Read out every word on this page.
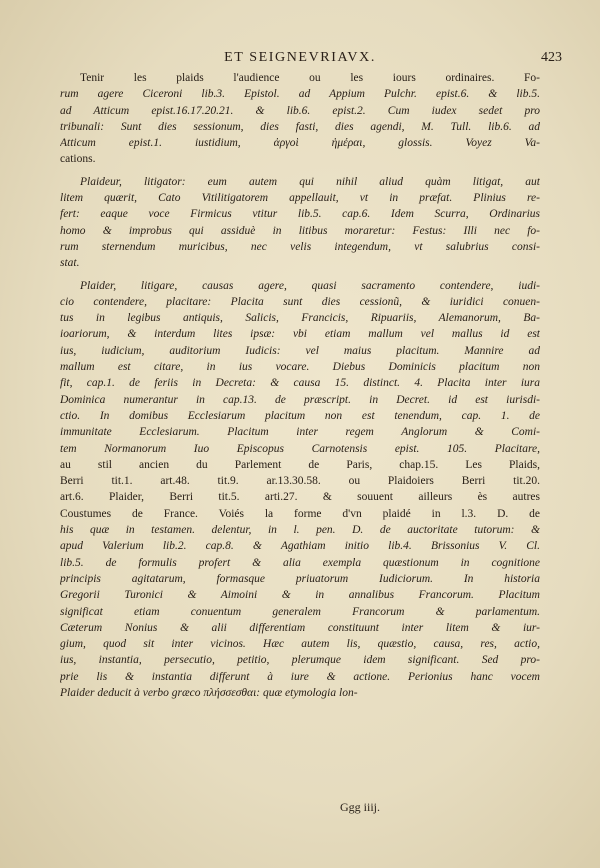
ET SEIGNEVRIAVX.	423
Tenir les plaids l'audience ou les iours ordinaires. Fo-
rum agere Ciceroni lib.3. Epistol. ad Appium Pulchr. epist.6. & lib.5.
ad Atticum epist.16.17.20.21. & lib.6. epist.2. Cum iudex sedet pro
tribunali: Sunt dies sessionum, dies fasti, dies agendi, M. Tull. lib.6. ad
Atticum epist.1. iustidium, ἀργοὶ ἡμέραι, glossis. Voyez Va-
cations.
Plaideur, litigator: eum autem qui nihil aliud quàm litigat, aut
litem quærit, Cato Vitilitigatorem appellauit, vt in præfat. Plinius re-
fert: eaque voce Firmicus vtitur lib.5. cap.6. Idem Scurra, Ordinarius
homo & improbus qui assiduè in litibus morаretur: Festus: Illi nec fo-
rum sternendum muricibus, nec velis integendum, vt salubrius consi-
stat.
Plaider, litigare, causas agere, quasi sacramento contendere, iudi-
cio contendere, placitare: Placita sunt dies cessionũ, & iuridici conuen-
tus in legibus antiquis, Salicis, Francicis, Ripuariis, Alemanorum, Ba-
ioariorum, & interdum lites ipsæ: vbi etiam mallum vel mallus id est
ius, iudicium, auditorium Iudicis: vel maius placitum. Mannire ad
mallum est citare, in ius vocare. Diebus Dominicis placitum non
fit, cap.1. de feriis in Decreta: & causa 15. distinct. 4. Placita inter iura
Dominica numerantur in cap.13. de præscript. in Decret. id est iurisdi-
ctio. In domibus Ecclesiarum placitum non est tenendum, cap. 1. de
immunitate Ecclesiarum. Placitum inter regem Anglorum & Comi-
tem Normanorum Iuo Episcopus Carnotensis epist. 105. Placitare,
au stil ancien du Parlement de Paris, chap.15. Les Plaids,
Berri tit.1. art.48. tit.9. ar.13.30.58. ou Plaidoiers Berri tit.20.
art.6. Plaider, Berri tit.5. arti.27. & souuent ailleurs ès autres
Coustumes de France. Voiés la forme d'vn plaidé in l.3. D. de
his quæ in testamen. delentur, in l. pen. D. de auctoritate tutorum: &
apud Valerium lib.2. cap.8. & Agathiam initio lib.4. Brissonius V. Cl.
lib.5. de formulis profert & alia exempla quæstionum in cognitione
principis agitatarum, formasque priuatorum Iudiciorum. In historia
Gregorii Turonici & Aimoini & in annalibus Francorum. Placitum
significat etiam conuentum generalem Francorum & parlamentum.
Cæterum Nonius & alii differentiam constituunt inter litem & iur-
gium, quod sit inter vicinos. Hæc autem lis, quæstio, causa, res, actio,
ius, instantia, persecutio, petitio, plerumque idem significant. Sed pro-
prie lis & instantia differunt à iure & actione. Perionius hanc vocem
Plaider deducit à verbo græco πλήσσεσθαι: quæ etymologia lon-
Ggg iiij.
